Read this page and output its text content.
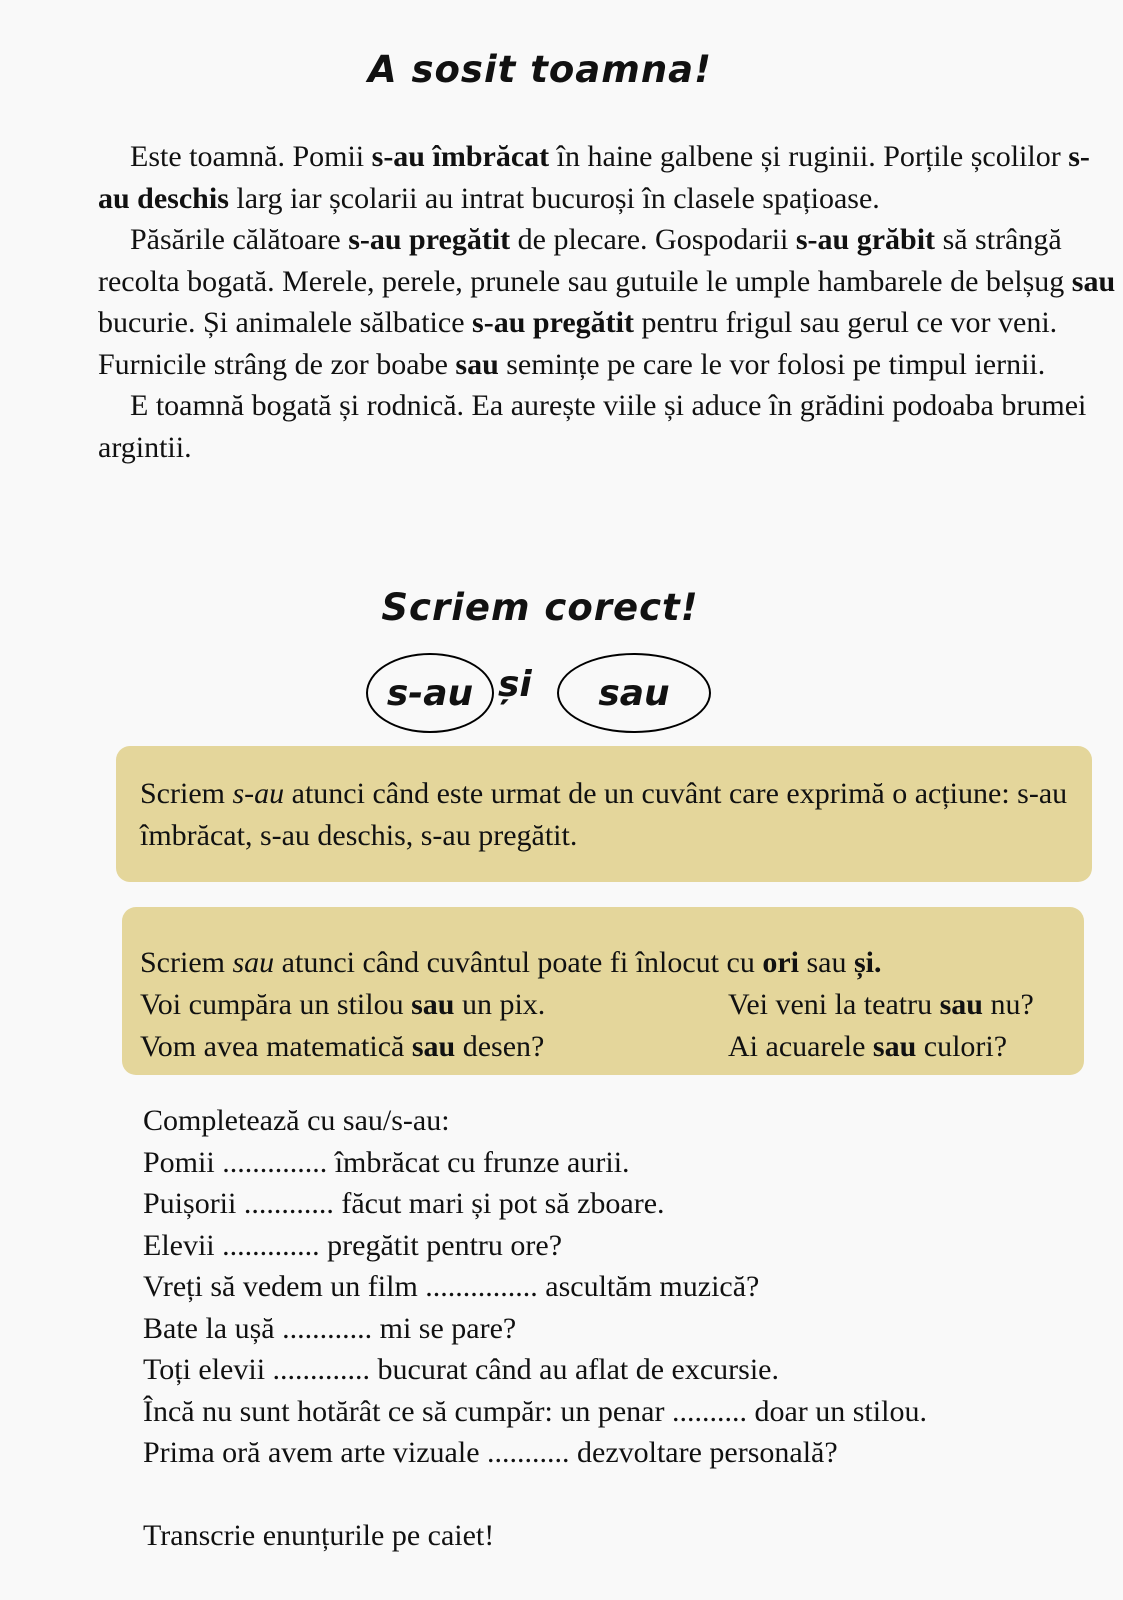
A sosit toamna!

Este toamnă. Pomii s-au îmbrăcat în haine galbene și ruginii. Porțile școlilor s-au deschis larg iar școlarii au intrat bucuroși în clasele spațioase.

Păsările călătoare s-au pregătit de plecare. Gospodarii s-au grăbit să strângă recolta bogată. Merele, perele, prunele sau gutuile le umple hambarele de belșug sau bucurie. Și animalele sălbatice s-au pregătit pentru frigul sau gerul ce vor veni. Furnicile strâng de zor boabe sau semințe pe care le vor folosi pe timpul iernii.

E toamnă bogată și rodnică. Ea aurește viile și aduce în grădini podoaba brumei argintii.

Scriem corect!
s-au și sau
Scriem s-au atunci când este urmat de un cuvânt care exprimă o acțiune: s-au îmbrăcat, s-au deschis, s-au pregătit.
Scriem sau atunci când cuvântul poate fi înlocut cu ori sau și.
Voi cumpăra un stilou sau un pix.	Vei veni la teatru sau nu?
Vom avea matematică sau desen?	Ai acuarele sau culori?
Completează cu sau/s-au:
Pomii .............. îmbrăcat cu frunze aurii.
Puișorii ............ făcut mari și pot să zboare.
Elevii ............. pregătit pentru ore?
Vreți să vedem un film ............... ascultăm muzică?
Bate la ușă ............ mi se pare?
Toți elevii ............. bucurat când au aflat de excursie.
Încă nu sunt hotărât ce să cumpăr: un penar .......... doar un stilou.
Prima oră avem arte vizuale ........... dezvoltare personală?
Transcrie enunțurile pe caiet!
